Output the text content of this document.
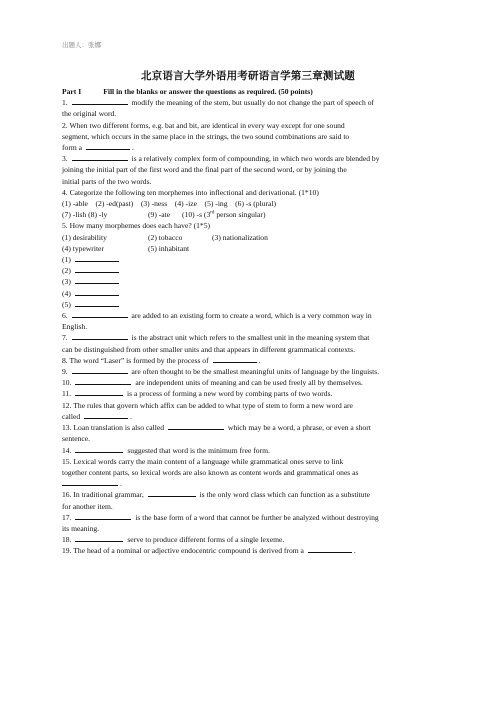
出题人：张娜
北京语言大学外语用考研语言学第三章测试题
Part I	Fill in the blanks or answer the questions as required. (50 points)
1.	modify the meaning of the stem, but usually do not change the part of speech of
the original word.
2. When two different forms, e.g. bat and bit, are identical in every way except for one sound
segment, which occurs in the same place in the strings, the two sound combinations are said to
form a	.
3.	is a relatively complex form of compounding, in which two words are blended by
joining the initial part of the first word and the final part of the second word, or by joining the
initial parts of the two words.
4. Categorize the following ten morphemes into inflectional and derivational. (1*10)
(1) -able    (2) -ed(past)    (3) -ness    (4) -ize    (5) -ing    (6) -s (plural)
(7) -lish (8) -ly	(9) -ate (10) -s (3rd person singular)
5. How many morphemes does each have? (1*5)
(1) desirability	(2) tobacco	(3) nationalization
(4) typewriter	(5) inhabitant
(1)
(2)
(3)
(4)
(5)
6.	are added to an existing form to create a word, which is a very common way in
English.
7.	is the abstract unit which refers to the smallest unit in the meaning system that
can be distinguished from other smaller units and that appears in different grammatical contexts.
8. The word “Laser” is formed by the process of	.
9.	are often thought to be the smallest meaningful units of language by the linguists.
10.	are independent units of meaning and can be used freely all by themselves.
11.	is a process of forming a new word by combing parts of two words.
12. The rules that govern which affix can be added to what type of stem to form a new word are
called	.
13. Loan translation is also called	which may be a word, a phrase, or even a short
sentence.
14.	suggested that word is the minimum free form.
15. Lexical words carry the main content of a language while grammatical ones serve to link
together content parts, so lexical words are also known as content words and grammatical ones as
.
16. In traditional grammar,	is the only word class which can function as a substitute
for another item.
17.	is the base form of a word that cannot be further be analyzed without destroying
its meaning.
18.	serve to produce different forms of a single lexeme.
19. The head of a nominal or adjective endocentric compound is derived from a	.
